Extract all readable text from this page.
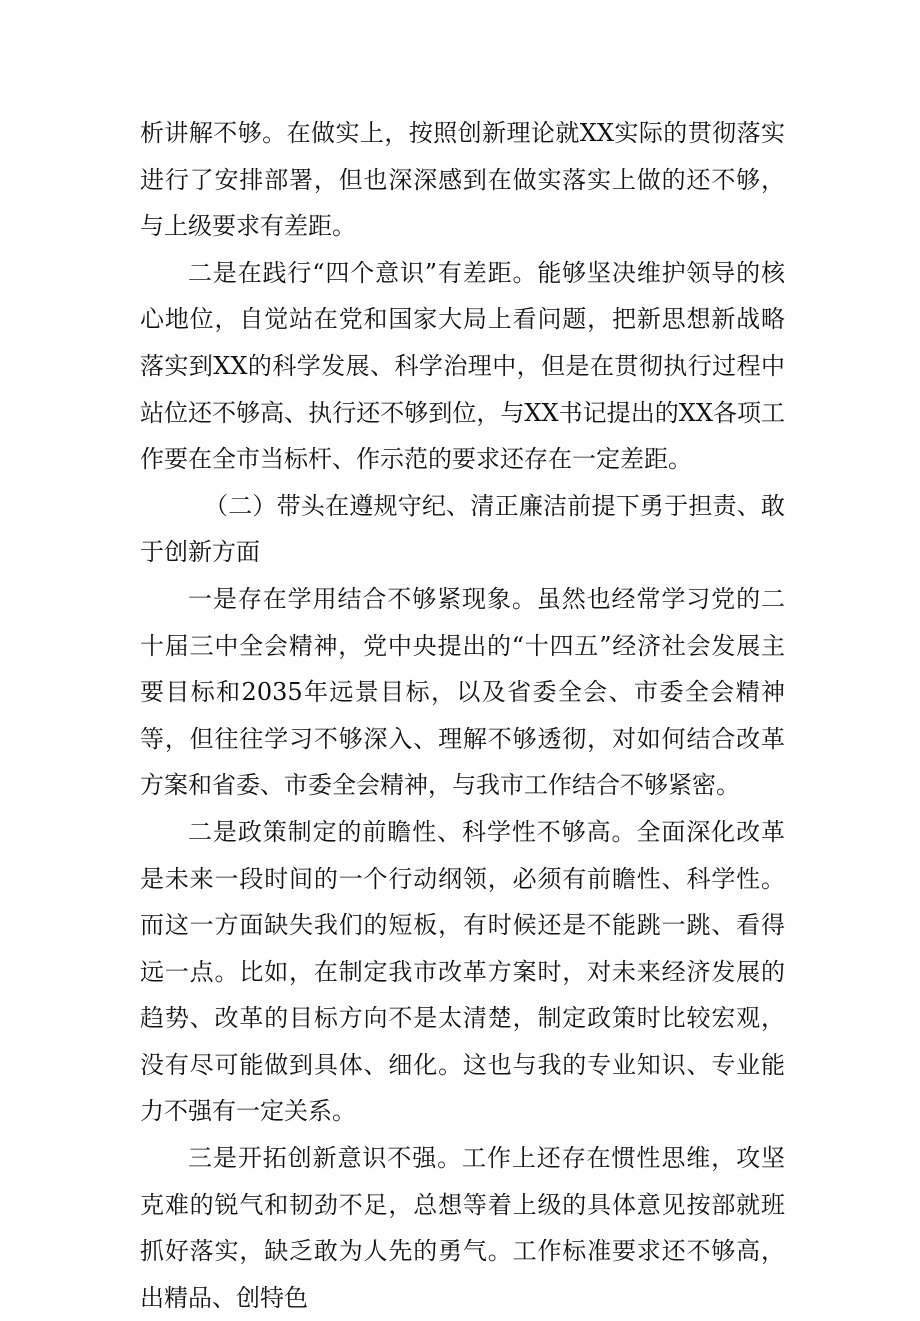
析讲解不够。在做实上，按照创新理论就XX实际的贯彻落实进行了安排部署，但也深深感到在做实落实上做的还不够，与上级要求有差距。

二是在践行“四个意识”有差距。能够坚决维护领导的核心地位，自觉站在党和国家大局上看问题，把新思想新战略落实到XX的科学发展、科学治理中，但是在贯彻执行过程中站位还不够高、执行还不够到位，与XX书记提出的XX各项工作要在全市当标杆、作示范的要求还存在一定差距。

（二）带头在遵规守纪、清正廉洁前提下勇于担责、敢于创新方面

一是存在学用结合不够紧现象。虽然也经常学习党的二十届三中全会精神，党中央提出的“十四五”经济社会发展主要目标和2035年远景目标，以及省委全会、市委全会精神等，但往往学习不够深入、理解不够透彻，对如何结合改革方案和省委、市委全会精神，与我市工作结合不够紧密。

二是政策制定的前瞻性、科学性不够高。全面深化改革是未来一段时间的一个行动纲领，必须有前瞻性、科学性。而这一方面缺失我们的短板，有时候还是不能跳一跳、看得远一点。比如，在制定我市改革方案时，对未来经济发展的趋势、改革的目标方向不是太清楚，制定政策时比较宏观，没有尽可能做到具体、细化。这也与我的专业知识、专业能力不强有一定关系。

三是开拓创新意识不强。工作上还存在惯性思维，攻坚克难的锐气和韧劲不足，总想等着上级的具体意见按部就班抓好落实，缺乏敢为人先的勇气。工作标准要求还不够高，出精品、创特色
